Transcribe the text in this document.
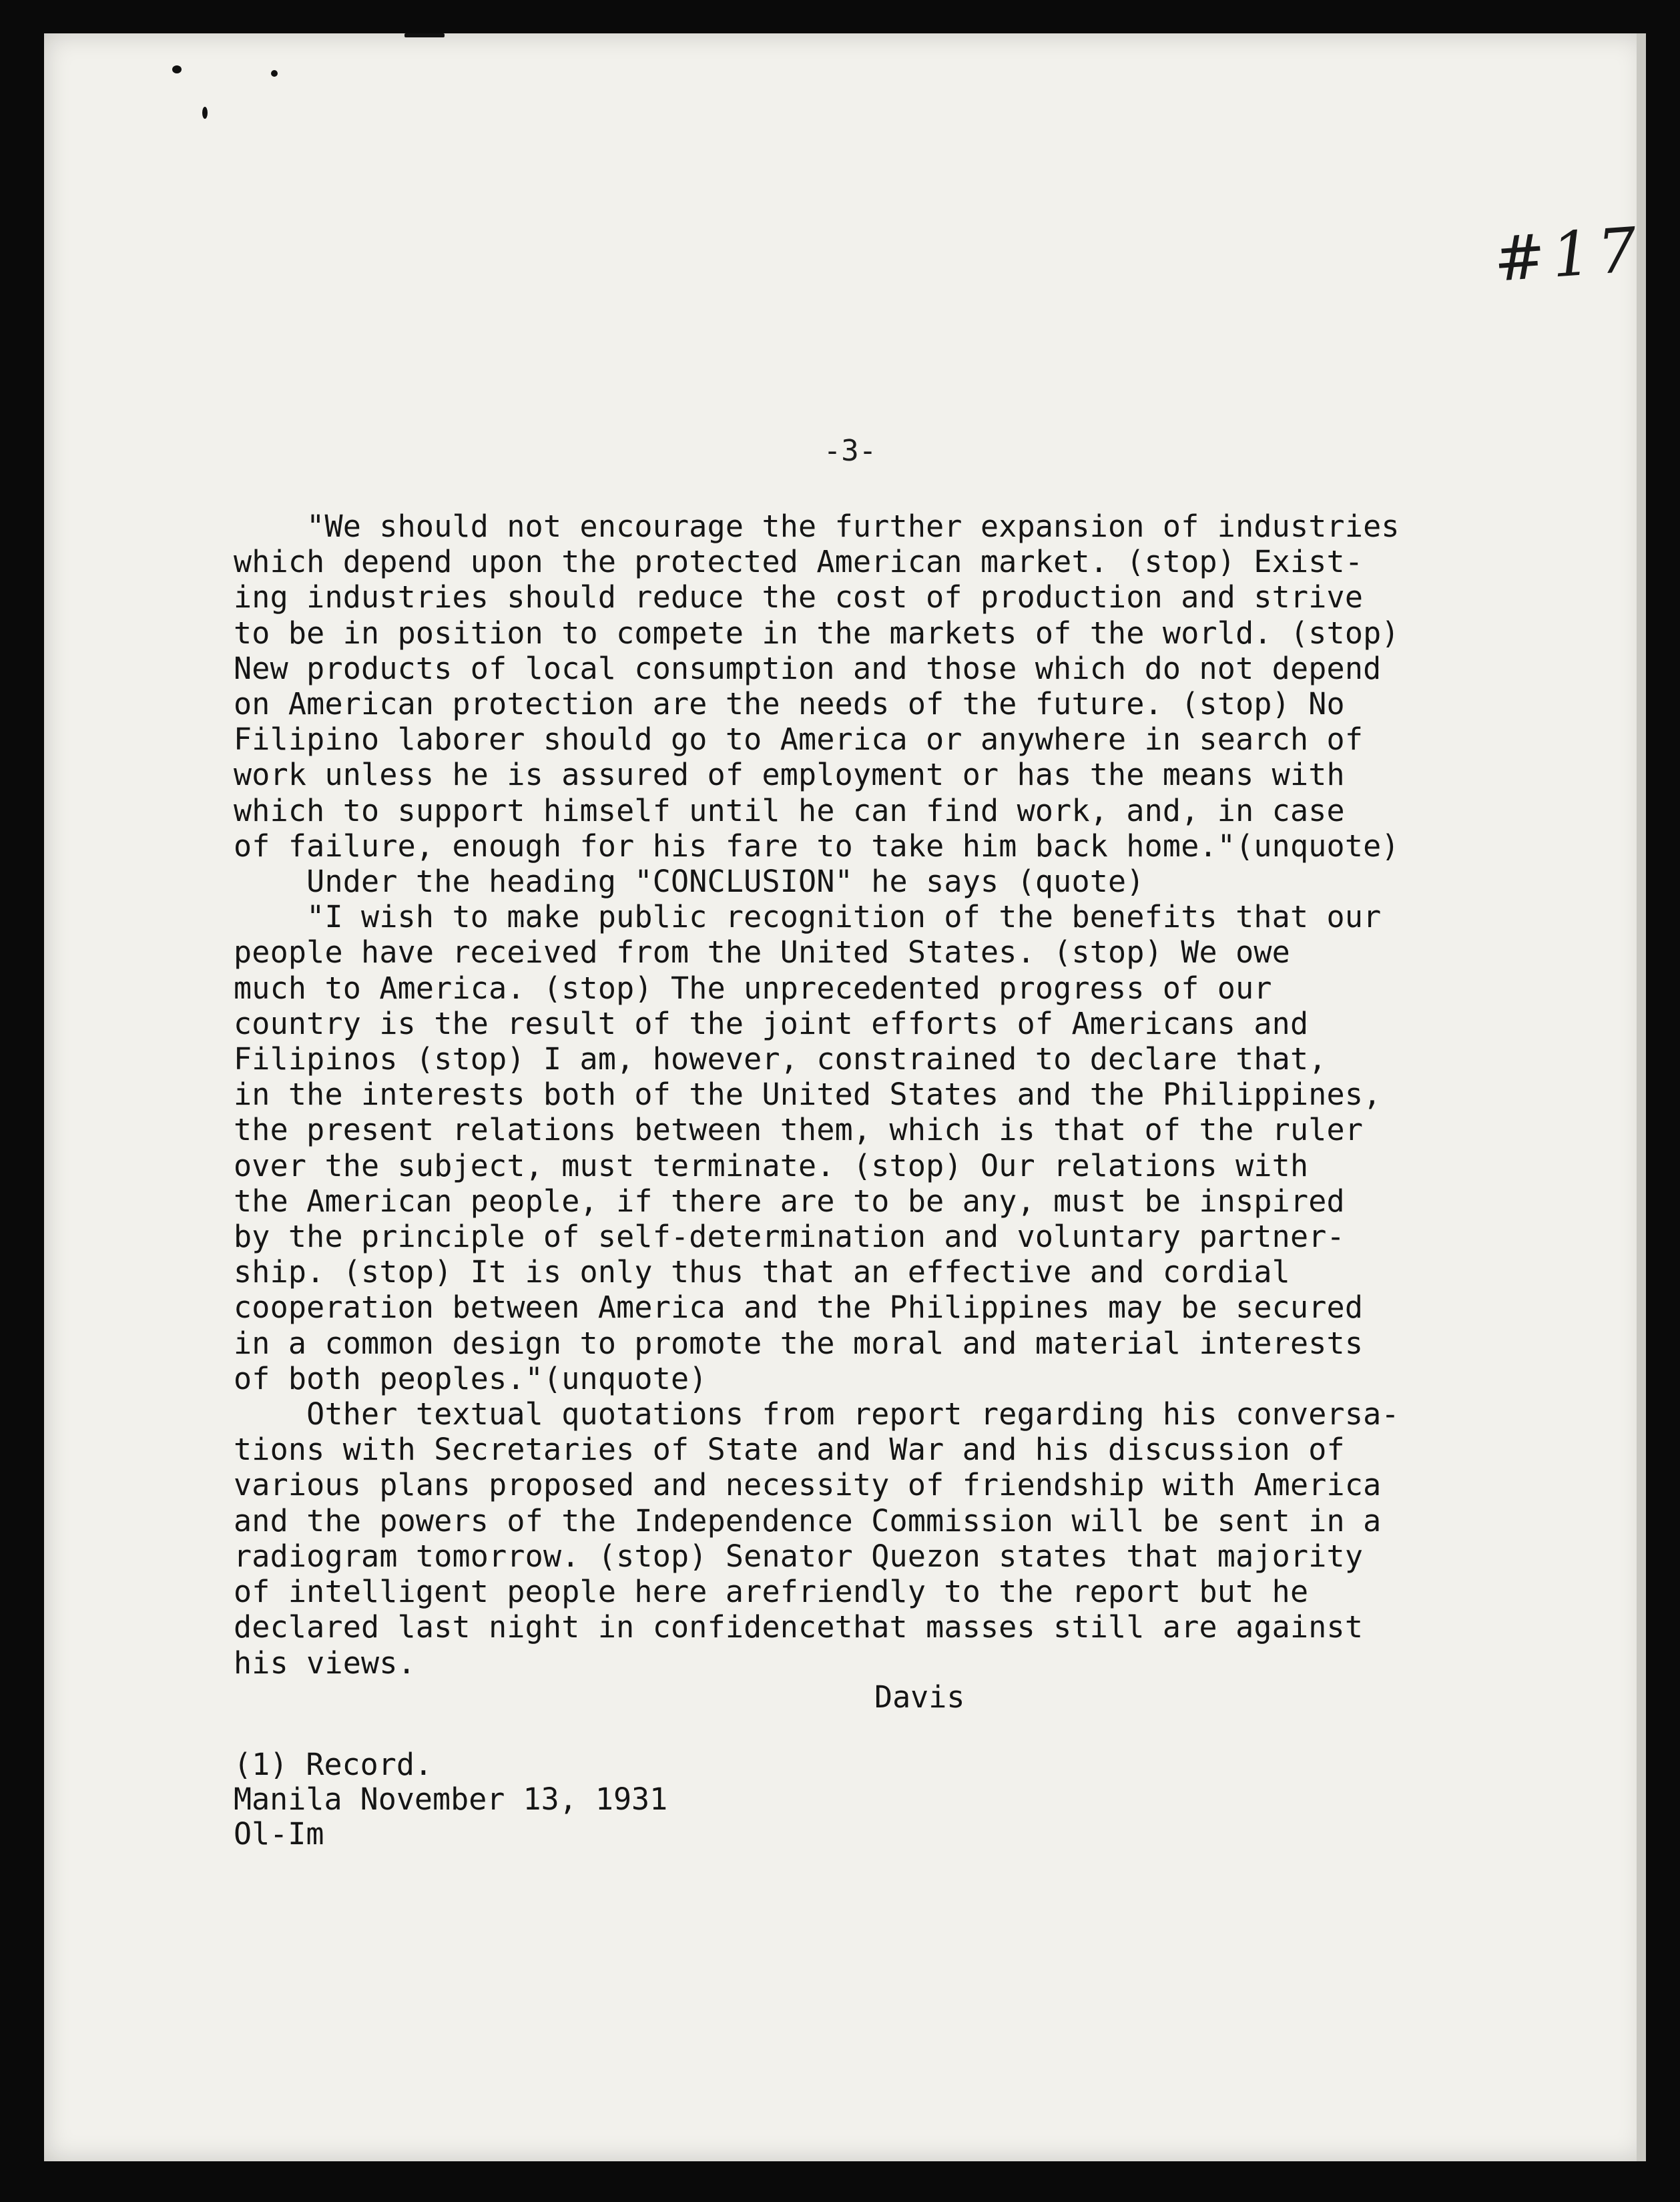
#17
-3-
"We should not encourage the further expansion of industries
which depend upon the protected American market. (stop) Exist-
ing industries should reduce the cost of production and strive
to be in position to compete in the markets of the world. (stop)
New products of local consumption and those which do not depend
on American protection are the needs of the future. (stop) No
Filipino laborer should go to America or anywhere in search of
work unless he is assured of employment or has the means with
which to support himself until he can find work, and, in case
of failure, enough for his fare to take him back home."(unquote)
Under the heading "CONCLUSION" he says (quote)
"I wish to make public recognition of the benefits that our
people have received from the United States. (stop) We owe
much to America. (stop) The unprecedented progress of our
country is the result of the joint efforts of Americans and
Filipinos (stop) I am, however, constrained to declare that,
in the interests both of the United States and the Philippines,
the present relations between them, which is that of the ruler
over the subject, must terminate. (stop) Our relations with
the American people, if there are to be any, must be inspired
by the principle of self-determination and voluntary partner-
ship. (stop) It is only thus that an effective and cordial
cooperation between America and the Philippines may be secured
in a common design to promote the moral and material interests
of both peoples."(unquote)
Other textual quotations from report regarding his conversa-
tions with Secretaries of State and War and his discussion of
various plans proposed and necessity of friendship with America
and the powers of the Independence Commission will be sent in a
radiogram tomorrow. (stop) Senator Quezon states that majority
of intelligent people here arefriendly to the report but he
declared last night in confidencethat masses still are against
his views.
Davis
(1) Record.
Manila November 13, 1931
Ol-Im
